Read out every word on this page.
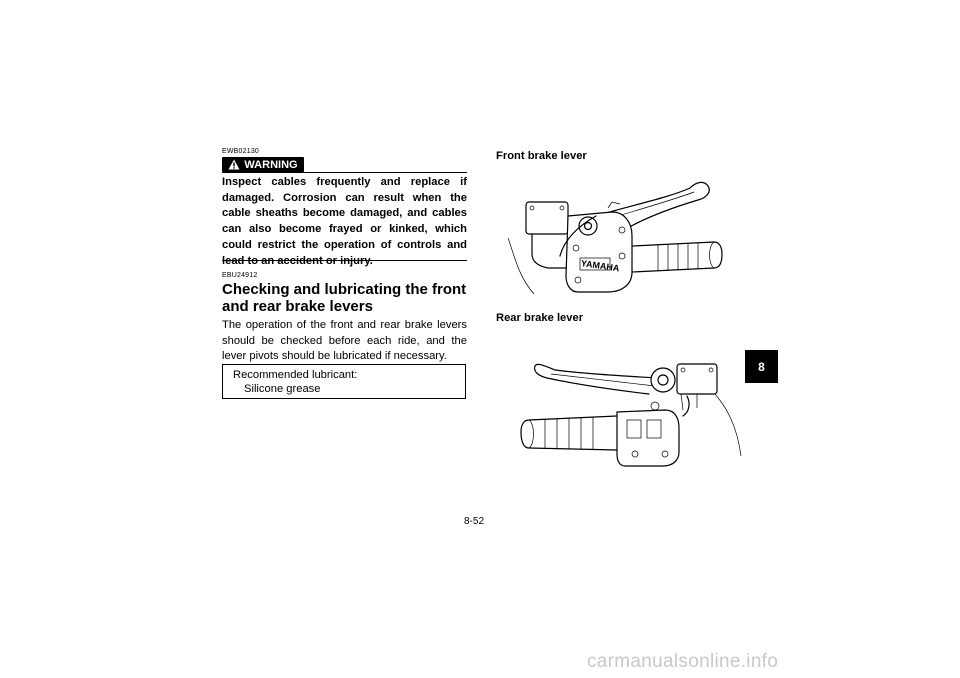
EWB02130
WARNING

Inspect cables frequently and replace if damaged. Corrosion can result when the cable sheaths become damaged, and cables can also become frayed or kinked, which could restrict the operation of controls and lead to an accident or injury.

EBU24912
Checking and lubricating the front and rear brake levers

The operation of the front and rear brake levers should be checked before each ride, and the lever pivots should be lubricated if necessary.

Recommended lubricant:
Silicone grease
Front brake lever
YAMAHA
Rear brake lever
8-52
8
carmanualsonline.info
